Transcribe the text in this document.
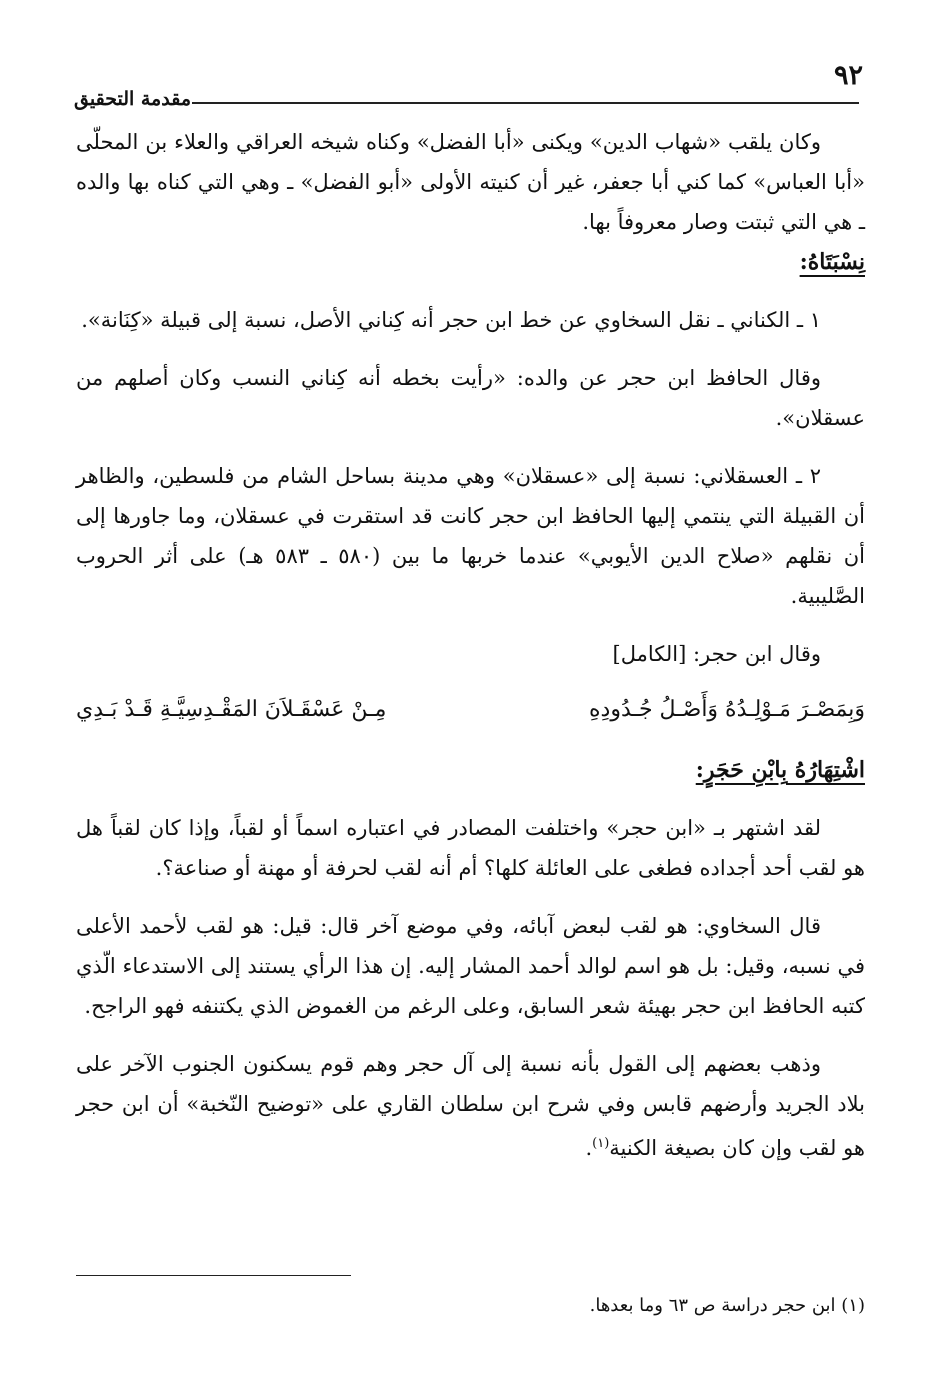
٩٢
مقدمة التحقيق

وكان يلقب «شهاب الدين» ويكنى «أبا الفضل» وكناه شيخه العراقي والعلاء بن المحلّى «أبا العباس» كما كني أبا جعفر، غير أن كنيته الأولى «أبو الفضل» ـ وهي التي كناه بها والده ـ هي التي ثبتت وصار معروفاً بها.

نِسْبَتَاهُ:

١ ـ الكناني ـ نقل السخاوي عن خط ابن حجر أنه كِناني الأصل، نسبة إلى قبيلة «كِنَانة».

وقال الحافظ ابن حجر عن والده: «رأيت بخطه أنه كِناني النسب وكان أصلهم من عسقلان».

٢ ـ العسقلاني: نسبة إلى «عسقلان» وهي مدينة بساحل الشام من فلسطين، والظاهر أن القبيلة التي ينتمي إليها الحافظ ابن حجر كانت قد استقرت في عسقلان، وما جاورها إلى أن نقلهم «صلاح الدين الأيوبي» عندما خربها ما بين (٥٨٠ ـ ٥٨٣ هـ) على أثر الحروب الصَّليبية.

وقال ابن حجر: [الكامل]

وَبِمَصْـرَ مَـوْلِـدُهُ وَأَصْـلُ جُـدُودِهِ
مِـنْ عَسْقَـلاَنَ المَقْـدِسِيَّـةِ قَـدْ بَـدِي
اشْتِهَارُهُ بِابْنِ حَجَرٍ:

لقد اشتهر بـ «ابن حجر» واختلفت المصادر في اعتباره اسماً أو لقباً، وإذا كان لقباً هل هو لقب أحد أجداده فطغى على العائلة كلها؟ أم أنه لقب لحرفة أو مهنة أو صناعة؟.

قال السخاوي: هو لقب لبعض آبائه، وفي موضع آخر قال: قيل: هو لقب لأحمد الأعلى في نسبه، وقيل: بل هو اسم لوالد أحمد المشار إليه. إن هذا الرأي يستند إلى الاستدعاء الّذي كتبه الحافظ ابن حجر بهيئة شعر السابق، وعلى الرغم من الغموض الذي يكتنفه فهو الراجح.

وذهب بعضهم إلى القول بأنه نسبة إلى آل حجر وهم قوم يسكنون الجنوب الآخر على بلاد الجريد وأرضهم قابس وفي شرح ابن سلطان القاري على «توضيح النّخبة» أن ابن حجر هو لقب وإن كان بصيغة الكنية$^{(١)}$.

(١) ابن حجر دراسة ص ٦٣ وما بعدها.
